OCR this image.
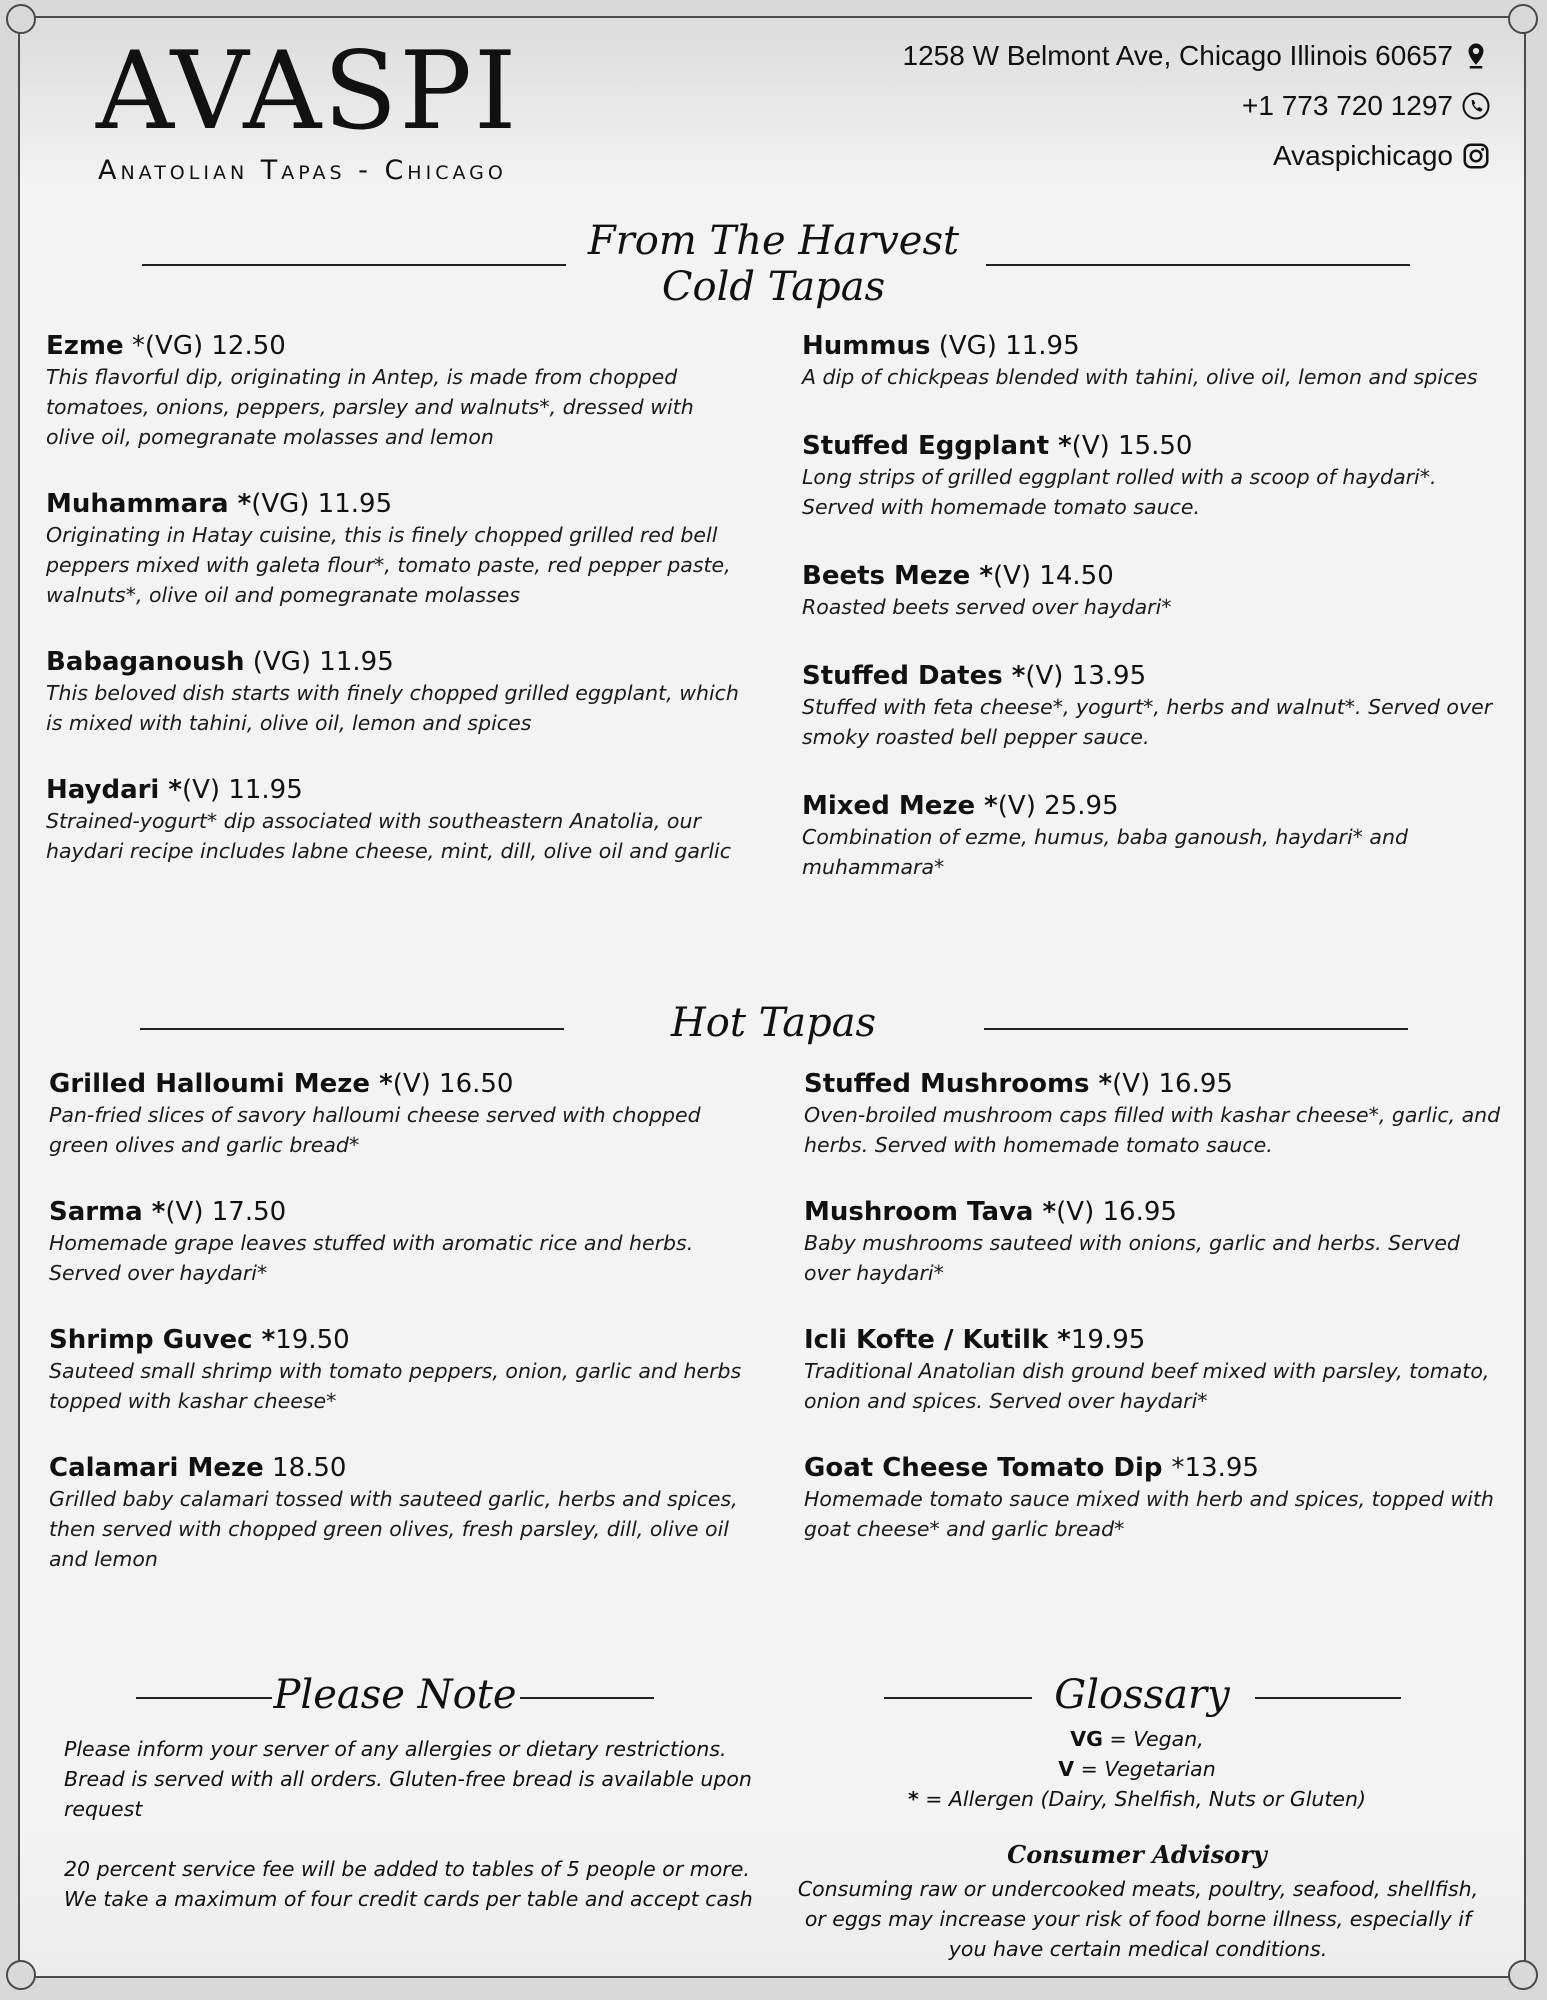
AVASPI
Anatolian Tapas - Chicago
1258 W Belmont Ave, Chicago Illinois 60657
+1 773 720 1297
Avaspichicago
From The Harvest
Cold Tapas
Ezme *(VG) 12.50
This flavorful dip, originating in Antep, is made from chopped tomatoes, onions, peppers, parsley and walnuts*, dressed with olive oil, pomegranate molasses and lemon
Muhammara *(VG) 11.95
Originating in Hatay cuisine, this is finely chopped grilled red bell peppers mixed with galeta flour*, tomato paste, red pepper paste, walnuts*, olive oil and pomegranate molasses
Babaganoush (VG) 11.95
This beloved dish starts with finely chopped grilled eggplant, which is mixed with tahini, olive oil, lemon and spices
Haydari *(V) 11.95
Strained-yogurt* dip associated with southeastern Anatolia, our haydari recipe includes labne cheese, mint, dill, olive oil and garlic
Hummus (VG) 11.95
A dip of chickpeas blended with tahini, olive oil, lemon and spices
Stuffed Eggplant *(V) 15.50
Long strips of grilled eggplant rolled with a scoop of haydari*. Served with homemade tomato sauce.
Beets Meze *(V) 14.50
Roasted beets served over haydari*
Stuffed Dates *(V) 13.95
Stuffed with feta cheese*, yogurt*, herbs and walnut*. Served over smoky roasted bell pepper sauce.
Mixed Meze *(V) 25.95
Combination of ezme, humus, baba ganoush, haydari* and muhammara*
Hot Tapas
Grilled Halloumi Meze *(V) 16.50
Pan-fried slices of savory halloumi cheese served with chopped green olives and garlic bread*
Sarma *(V) 17.50
Homemade grape leaves stuffed with aromatic rice and herbs. Served over haydari*
Shrimp Guvec *19.50
Sauteed small shrimp with tomato peppers, onion, garlic and herbs topped with kashar cheese*
Calamari Meze 18.50
Grilled baby calamari tossed with sauteed garlic, herbs and spices, then served with chopped green olives, fresh parsley, dill, olive oil and lemon
Stuffed Mushrooms *(V) 16.95
Oven-broiled mushroom caps filled with kashar cheese*, garlic, and herbs. Served with homemade tomato sauce.
Mushroom Tava *(V) 16.95
Baby mushrooms sauteed with onions, garlic and herbs. Served over haydari*
Icli Kofte / Kutilk *19.95
Traditional Anatolian dish ground beef mixed with parsley, tomato, onion and spices. Served over haydari*
Goat Cheese Tomato Dip *13.95
Homemade tomato sauce mixed with herb and spices, topped with goat cheese* and garlic bread*
Please Note

Please inform your server of any allergies or dietary restrictions. Bread is served with all orders. Gluten-free bread is available upon request

20 percent service fee will be added to tables of 5 people or more. We take a maximum of four credit cards per table and accept cash

Glossary
VG = Vegan,
V = Vegetarian
* = Allergen (Dairy, Shelfish, Nuts or Gluten)
Consumer Advisory
Consuming raw or undercooked meats, poultry, seafood, shellfish, or eggs may increase your risk of food borne illness, especially if you have certain medical conditions.
